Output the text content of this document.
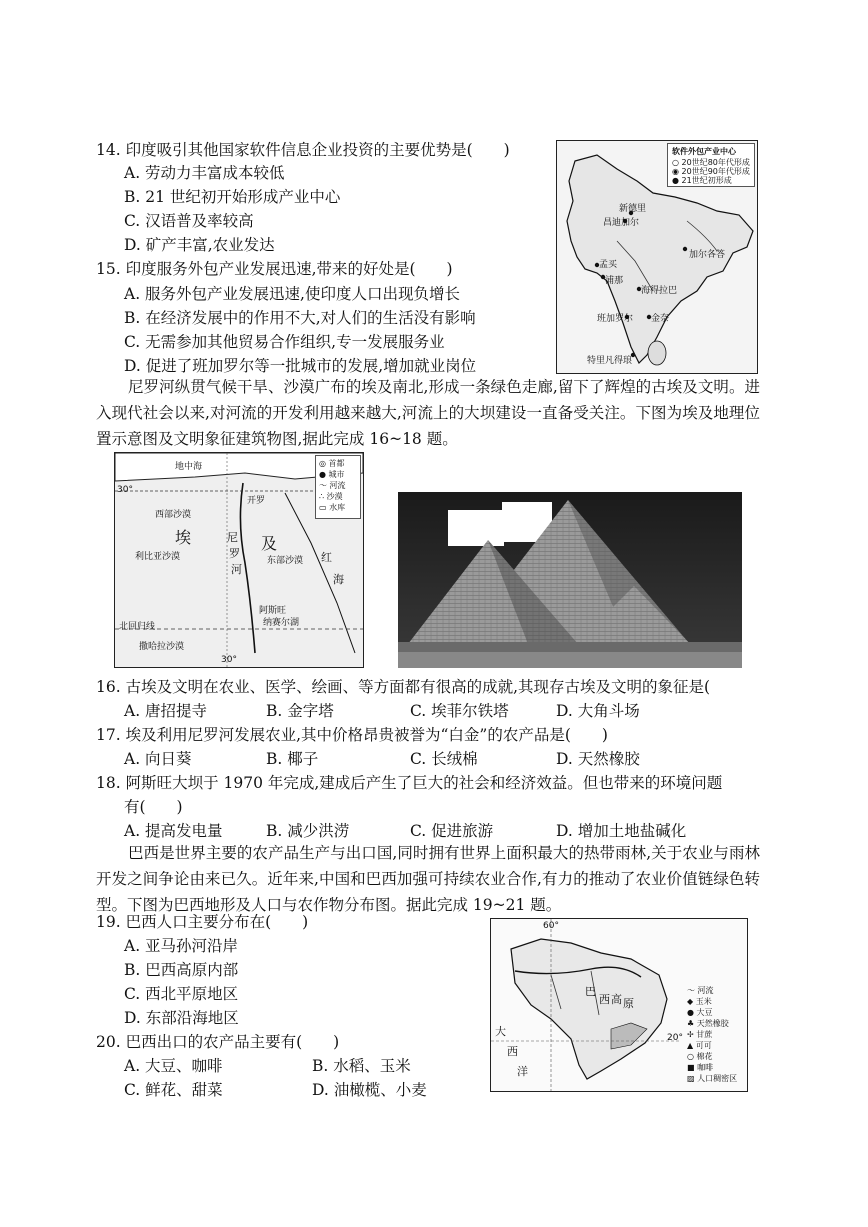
14. 印度吸引其他国家软件信息企业投资的主要优势是(　　)
A. 劳动力丰富成本较低
B. 21 世纪初开始形成产业中心
C. 汉语普及率较高
D. 矿产丰富,农业发达
15. 印度服务外包产业发展迅速,带来的好处是(　　)
A. 服务外包产业发展迅速,使印度人口出现负增长
B. 在经济发展中的作用不大,对人们的生活没有影响
C. 无需参加其他贸易合作组织,专一发展服务业
D. 促进了班加罗尔等一批城市的发展,增加就业岗位
软件外包产业中心
○ 20世纪80年代形成
◉ 20世纪90年代形成
● 21世纪初形成
新德里
昌迪加尔
孟买
浦那
加尔各答
海得拉巴
班加罗尔 金奈
特里凡得琅
尼罗河纵贯气候干旱、沙漠广布的埃及南北,形成一条绿色走廊,留下了辉煌的古埃及文明。进入现代社会以来,对河流的开发利用越来越大,河流上的大坝建设一直备受关注。下图为埃及地理位置示意图及文明象征建筑物图,据此完成 16~18 题。
◎ 首都
● 城市
～ 河流
∴ 沙漠
▭ 水库
30°
30°
地中海
开罗
西部沙漠
埃	及
利比亚沙漠	东部沙漠 红
海
阿斯旺
纳赛尔湖
北回归线
撒哈拉沙漠
尼
罗
河
16. 古埃及文明在农业、医学、绘画、等方面都有很高的成就,其现存古埃及文明的象征是(
A. 唐招提寺	B. 金字塔	C. 埃菲尔铁塔	D. 大角斗场
17. 埃及利用尼罗河发展农业,其中价格昂贵被誉为“白金”的农产品是(　　)
A. 向日葵	B. 椰子	C. 长绒棉	D. 天然橡胶
18. 阿斯旺大坝于 1970 年完成,建成后产生了巨大的社会和经济效益。但也带来的环境问题
有(　　)
A. 提高发电量	B. 减少洪涝	C. 促进旅游	D. 增加土地盐碱化
巴西是世界主要的农产品生产与出口国,同时拥有世界上面积最大的热带雨林,关于农业与雨林开发之间争论由来已久。近年来,中国和巴西加强可持续农业合作,有力的推动了农业价值链绿色转型。下图为巴西地形及人口与农作物分布图。据此完成 19~21 题。
19. 巴西人口主要分布在(　　)
A. 亚马孙河沿岸
B. 巴西高原内部
C. 西北平原地区
D. 东部沿海地区
20. 巴西出口的农产品主要有(　　)
A. 大豆、咖啡	B. 水稻、玉米
C. 鲜花、甜菜	D. 油橄榄、小麦
60°
20°
巴
西 高 原
大
西
洋
～ 河流
◆ 玉米
● 大豆
♣ 天然橡胶
✢ 甘蔗
▲ 可可
○ 棉花
■ 咖啡
▨ 人口稠密区
